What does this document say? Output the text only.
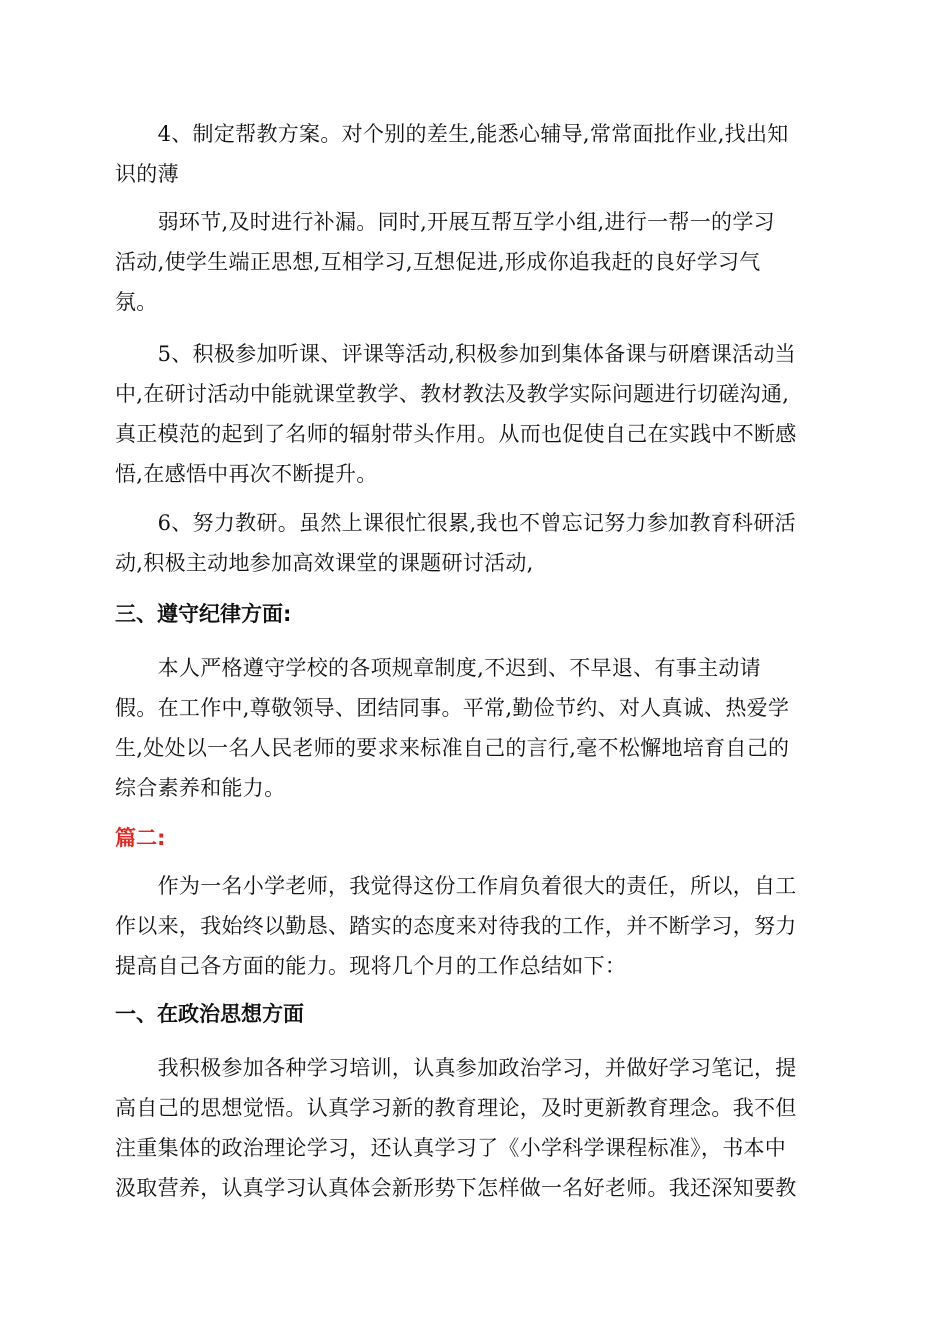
　　4、制定帮教方案。对个别的差生,能悉心辅导,常常面批作业,找出知
识的薄
　　弱环节,及时进行补漏。同时,开展互帮互学小组,进行一帮一的学习
活动,使学生端正思想,互相学习,互想促进,形成你追我赶的良好学习气
氛。
　　5、积极参加听课、评课等活动,积极参加到集体备课与研磨课活动当
中,在研讨活动中能就课堂教学、教材教法及教学实际问题进行切磋沟通,
真正模范的起到了名师的辐射带头作用。从而也促使自己在实践中不断感
悟,在感悟中再次不断提升。
　　6、努力教研。虽然上课很忙很累,我也不曾忘记努力参加教育科研活
动,积极主动地参加高效课堂的课题研讨活动,
三、遵守纪律方面:
　　本人严格遵守学校的各项规章制度,不迟到、不早退、有事主动请
假。在工作中,尊敬领导、团结同事。平常,勤俭节约、对人真诚、热爱学
生,处处以一名人民老师的要求来标准自己的言行,毫不松懈地培育自己的
综合素养和能力。
篇二:
　　作为一名小学老师，我觉得这份工作肩负着很大的责任，所以，自工
作以来，我始终以勤恳、踏实的态度来对待我的工作，并不断学习，努力
提高自己各方面的能力。现将几个月的工作总结如下：
一、在政治思想方面
　　我积极参加各种学习培训，认真参加政治学习，并做好学习笔记，提
高自己的思想觉悟。认真学习新的教育理论，及时更新教育理念。我不但
注重集体的政治理论学习，还认真学习了《小学科学课程标准》，书本中
汲取营养，认真学习认真体会新形势下怎样做一名好老师。我还深知要教
